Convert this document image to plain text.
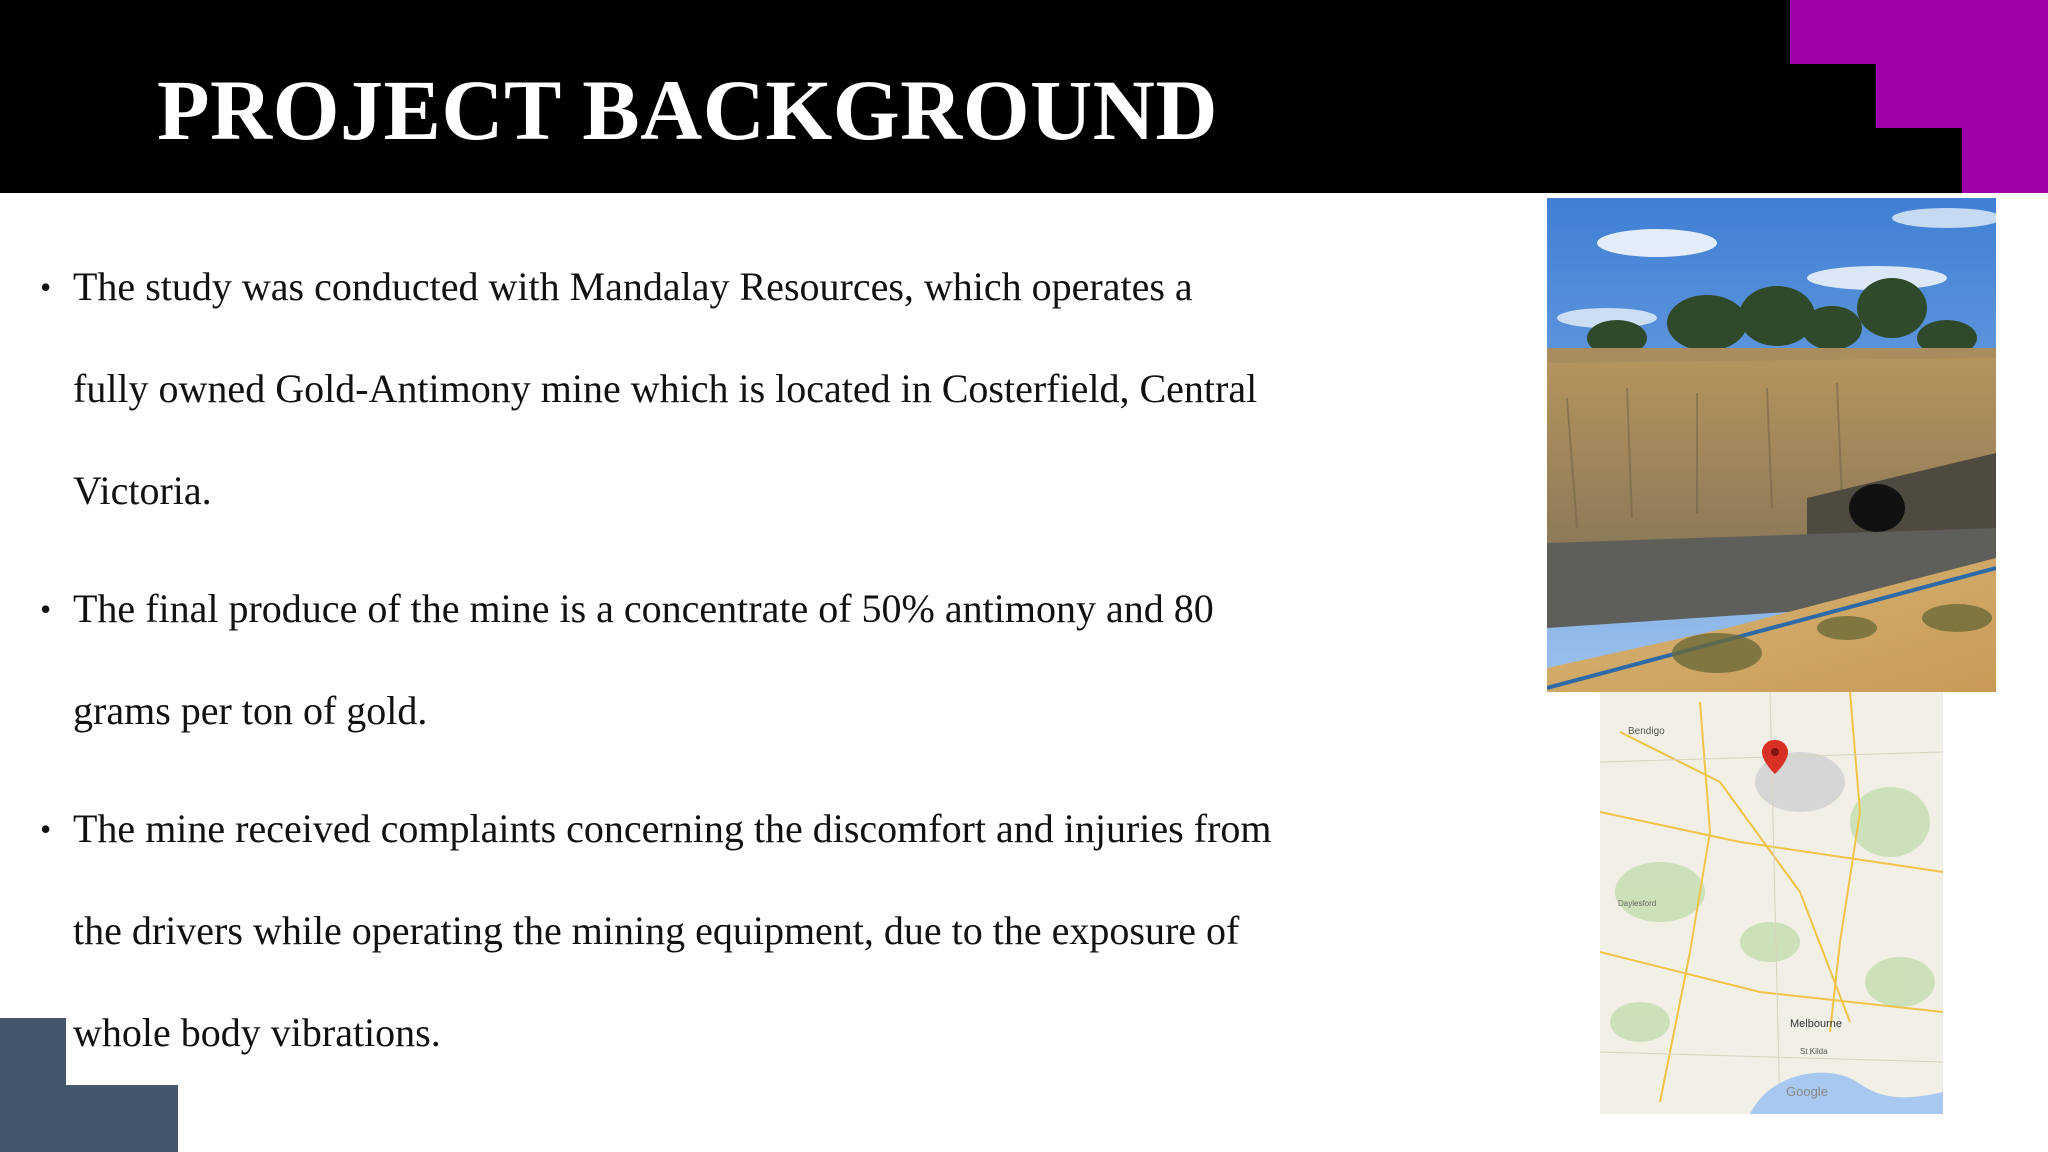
PROJECT BACKGROUND
• The study was conducted with Mandalay Resources, which operates a
fully owned Gold-Antimony mine which is located in Costerfield, Central
Victoria.
• The final produce of the mine is a concentrate of 50% antimony and 80
grams per ton of gold.
• The mine received complaints concerning the discomfort and injuries from
the drivers while operating the mining equipment, due to the exposure of
whole body vibrations.
Bendigo
Daylesford
Melbourne
St Kilda
Google
